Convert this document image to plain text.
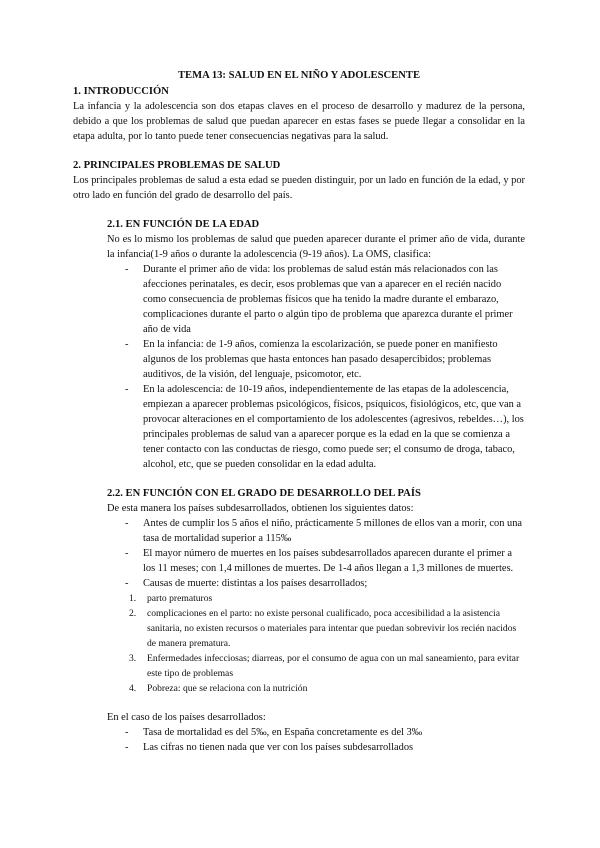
TEMA 13: SALUD EN EL NIÑO Y ADOLESCENTE
1. INTRODUCCIÓN

La infancia y la adolescencia son dos etapas claves en el proceso de desarrollo y madurez de la persona, debido a que los problemas de salud que puedan aparecer en estas fases se puede llegar a consolidar en la etapa adulta, por lo tanto puede tener consecuencias negativas para la salud.

2. PRINCIPALES PROBLEMAS DE SALUD

Los principales problemas de salud a esta edad se pueden distinguir, por un lado en función de la edad, y por otro lado en función del grado de desarrollo del país.

2.1. EN FUNCIÓN DE LA EDAD

No es lo mismo los problemas de salud que pueden aparecer durante el primer año de vida, durante la infancia(1-9 años o durante la adolescencia (9-19 años). La OMS, clasifica:

- Durante el primer año de vida: los problemas de salud están más relacionados con las afecciones perinatales, es decir, esos problemas que van a aparecer en el recién nacido como consecuencia de problemas físicos que ha tenido la madre durante el embarazo, complicaciones durante el parto o algún tipo de problema que aparezca durante el primer año de vida
- En la infancia: de 1-9 años, comienza la escolarización, se puede poner en manifiesto algunos de los problemas que hasta entonces han pasado desapercibidos; problemas auditivos, de la visión, del lenguaje, psicomotor, etc.
- En la adolescencia: de 10-19 años, independientemente de las etapas de la adolescencia, empiezan a aparecer problemas psicológicos, físicos, psíquicos, fisiológicos, etc, que van a provocar alteraciones en el comportamiento de los adolescentes (agresivos, rebeldes…), los principales problemas de salud van a aparecer porque es la edad en la que se comienza a tener contacto con las conductas de riesgo, como puede ser; el consumo de droga, tabaco, alcohol, etc, que se pueden consolidar en la edad adulta.
2.2. EN FUNCIÓN CON EL GRADO DE DESARROLLO DEL PAÍS

De esta manera los países subdesarrollados, obtienen los siguientes datos:

- Antes de cumplir los 5 años el niño, prácticamente 5 millones de ellos van a morir, con una tasa de mortalidad superior a 115‰
- El mayor número de muertes en los países subdesarrollados aparecen durante el primer a los 11 meses; con 1,4 millones de muertes. De 1-4 años llegan a 1,3 millones de muertes.
- Causas de muerte: distintas a los países desarrollados;
1. parto prematuros
2. complicaciones en el parto: no existe personal cualificado, poca accesibilidad a la asistencia sanitaria, no existen recursos o materiales para intentar que puedan sobrevivir los recién nacidos de manera prematura.
3. Enfermedades infecciosas; diarreas, por el consumo de agua con un mal saneamiento, para evitar este tipo de problemas
4. Pobreza: que se relaciona con la nutrición

En el caso de los países desarrollados:

- Tasa de mortalidad es del 5‰, en España concretamente es del 3‰
- Las cifras no tienen nada que ver con los países subdesarrollados
